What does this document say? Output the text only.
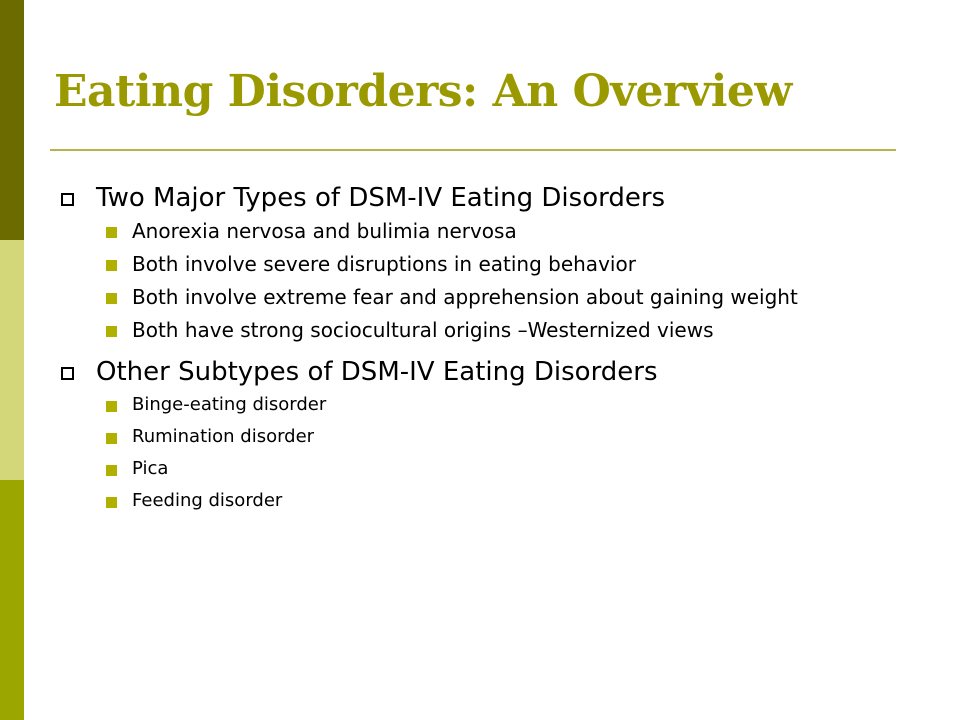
Eating Disorders: An Overview
Two Major Types of DSM-IV Eating Disorders
Anorexia nervosa and bulimia nervosa
Both involve severe disruptions in eating behavior
Both involve extreme fear and apprehension about gaining weight
Both have strong sociocultural origins –Westernized views
Other Subtypes of DSM-IV Eating Disorders
Binge-eating disorder
Rumination disorder
Pica
Feeding disorder
